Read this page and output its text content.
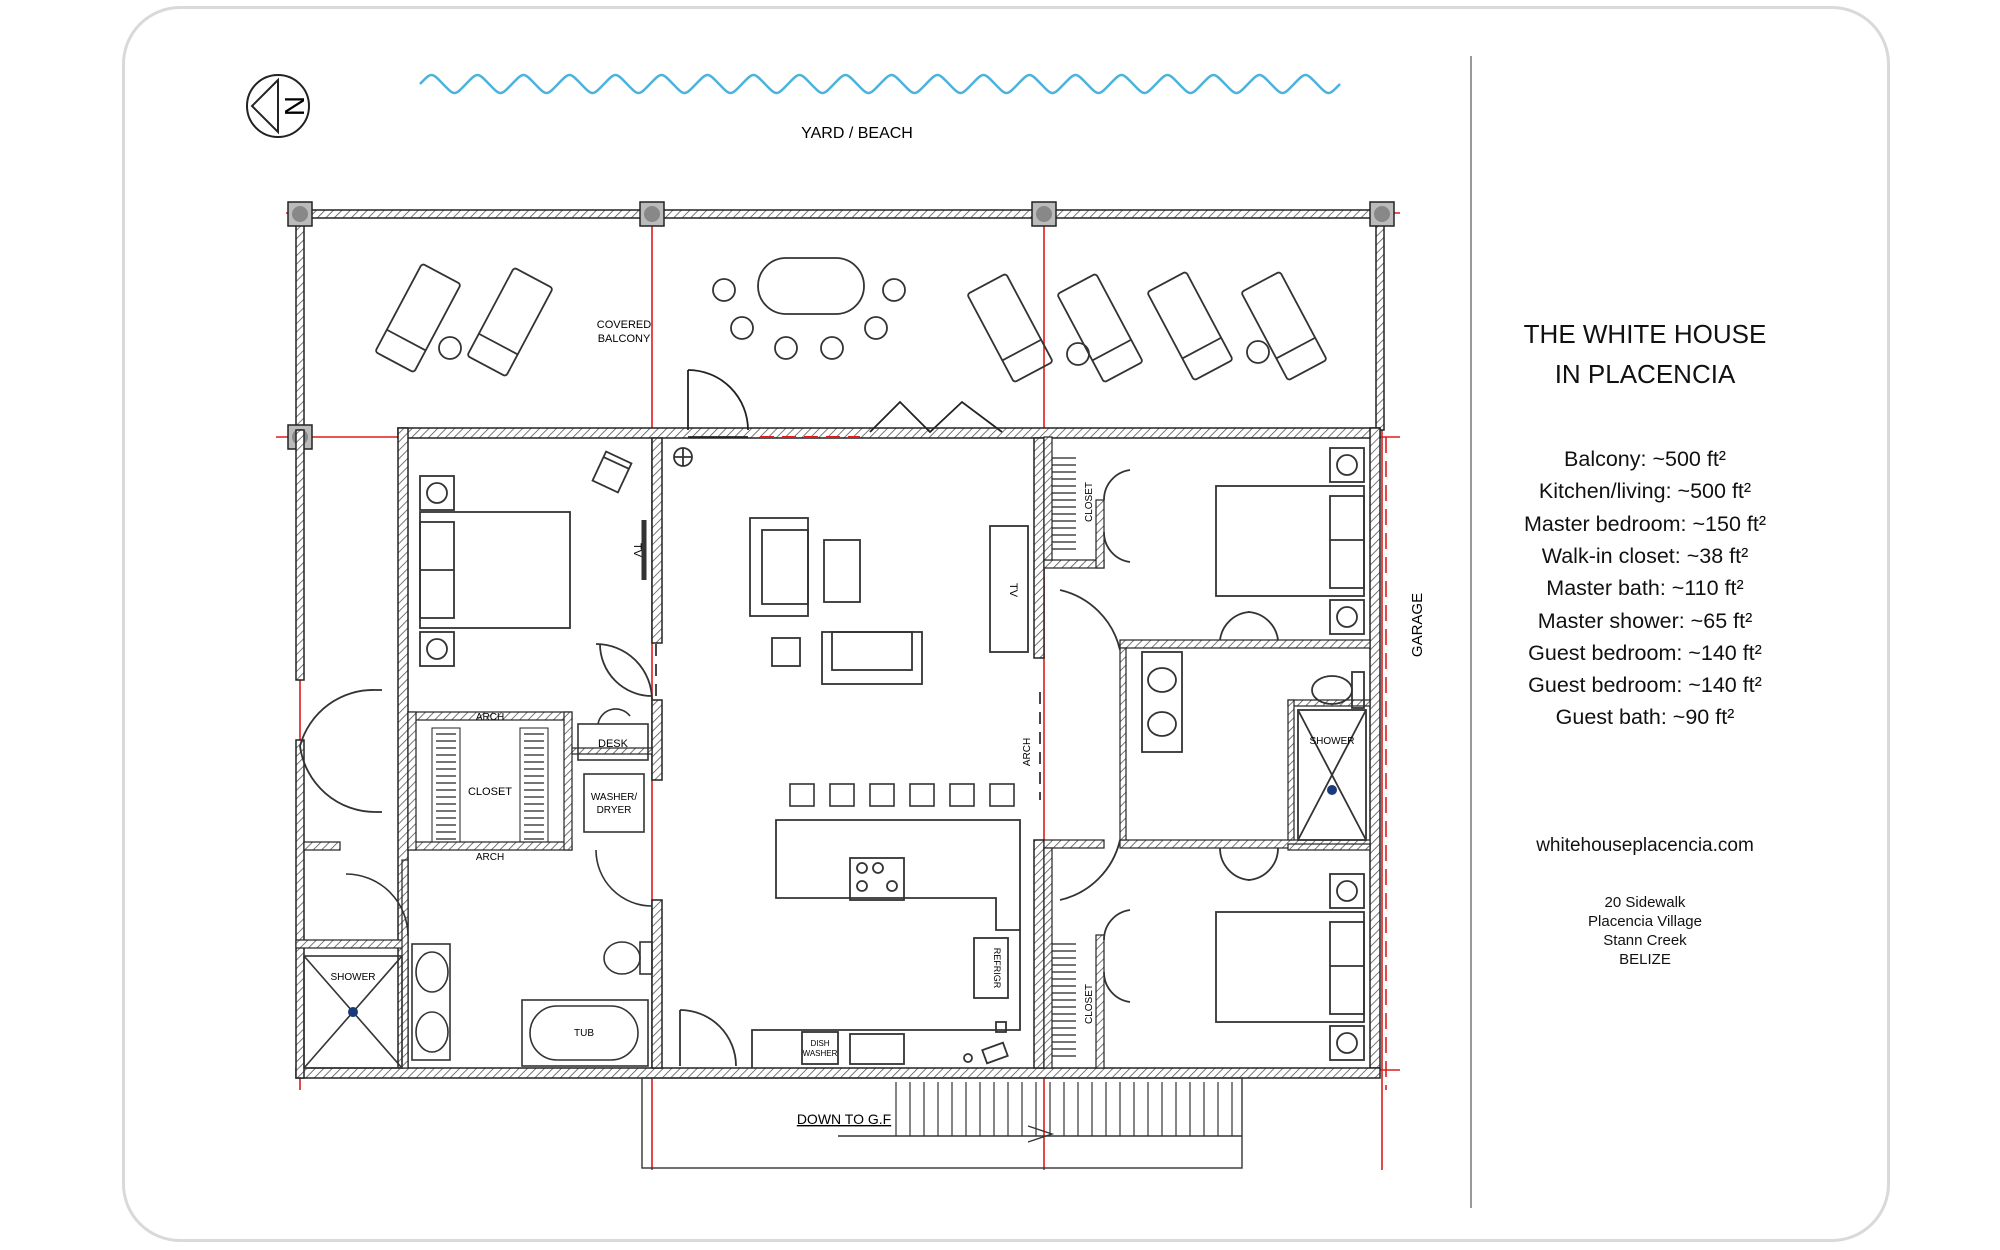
N
YARD / BEACH
COVERED
BALCONY
TV
CLOSET
ARCH
ARCH
DESK
WASHER/
DRYER
SHOWER
TUB
TV
ARCH
REFRIGR
DISH
WASHER
SHOWER
CLOSET
CLOSET
GARAGE
DOWN TO G.F
THE WHITE HOUSE
IN PLACENCIA
Balcony: ~500 ft²
Kitchen/living: ~500 ft²
Master bedroom: ~150 ft²
Walk-in closet: ~38 ft²
Master bath: ~110 ft²
Master shower: ~65 ft²
Guest bedroom: ~140 ft²
Guest bedroom: ~140 ft²
Guest bath: ~90 ft²
whitehouseplacencia.com
20 Sidewalk
Placencia Village
Stann Creek
BELIZE
